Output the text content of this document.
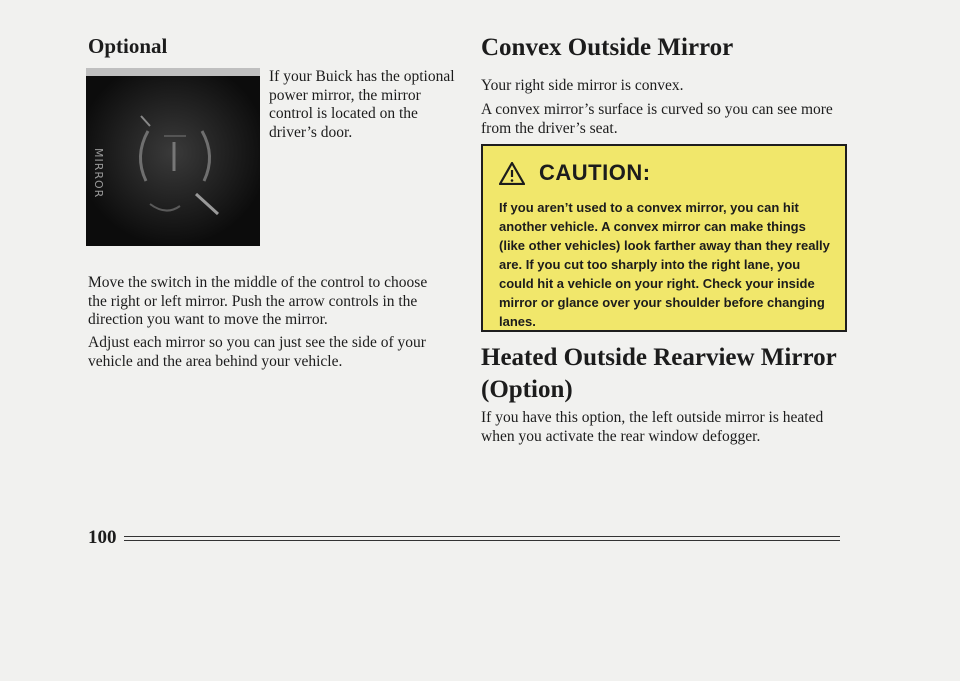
Optional
MIRROR

If your Buick has the optional power mirror, the mirror control is located on the driver’s door.

Move the switch in the middle of the control to choose the right or left mirror. Push the arrow controls in the direction you want to move the mirror.

Adjust each mirror so you can just see the side of your vehicle and the area behind your vehicle.

Convex Outside Mirror

Your right side mirror is convex.

A convex mirror’s surface is curved so you can see more from the driver’s seat.

CAUTION:

If you aren’t used to a convex mirror, you can hit another vehicle. A convex mirror can make things (like other vehicles) look farther away than they really are. If you cut too sharply into the right lane, you could hit a vehicle on your right. Check your inside mirror or glance over your shoulder before changing lanes.

Heated Outside Rearview Mirror (Option)

If you have this option, the left outside mirror is heated when you activate the rear window defogger.

100
